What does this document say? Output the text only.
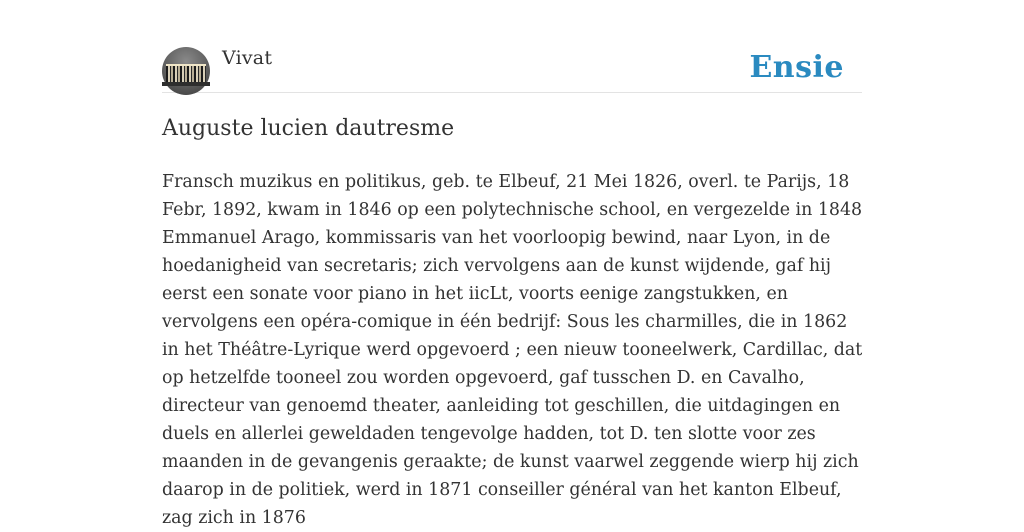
Vivat	Ensie
Auguste lucien dautresme

Fransch muzikus en politikus, geb. te Elbeuf, 21 Mei 1826, overl. te Parijs, 18 Febr, 1892, kwam in 1846 op een polytechnische school, en vergezelde in 1848 Emmanuel Arago, kommissaris van het voorloopig bewind, naar Lyon, in de hoedanigheid van secretaris; zich vervolgens aan de kunst wijdende, gaf hij eerst een sonate voor piano in het iicLt, voorts eenige zangstukken, en vervolgens een opéra-comique in één bedrijf: Sous les charmilles, die in 1862 in het Théâtre-Lyrique werd opgevoerd ; een nieuw tooneelwerk, Cardillac, dat op hetzelfde tooneel zou worden opgevoerd, gaf tusschen D. en Cavalho, directeur van genoemd theater, aanleiding tot geschillen, die uitdagingen en duels en allerlei geweldaden tengevolge hadden, tot D. ten slotte voor zes maanden in de gevangenis geraakte; de kunst vaarwel zeggende wierp hij zich daarop in de politiek, werd in 1871 conseiller général van het kanton Elbeuf, zag zich in 1876
